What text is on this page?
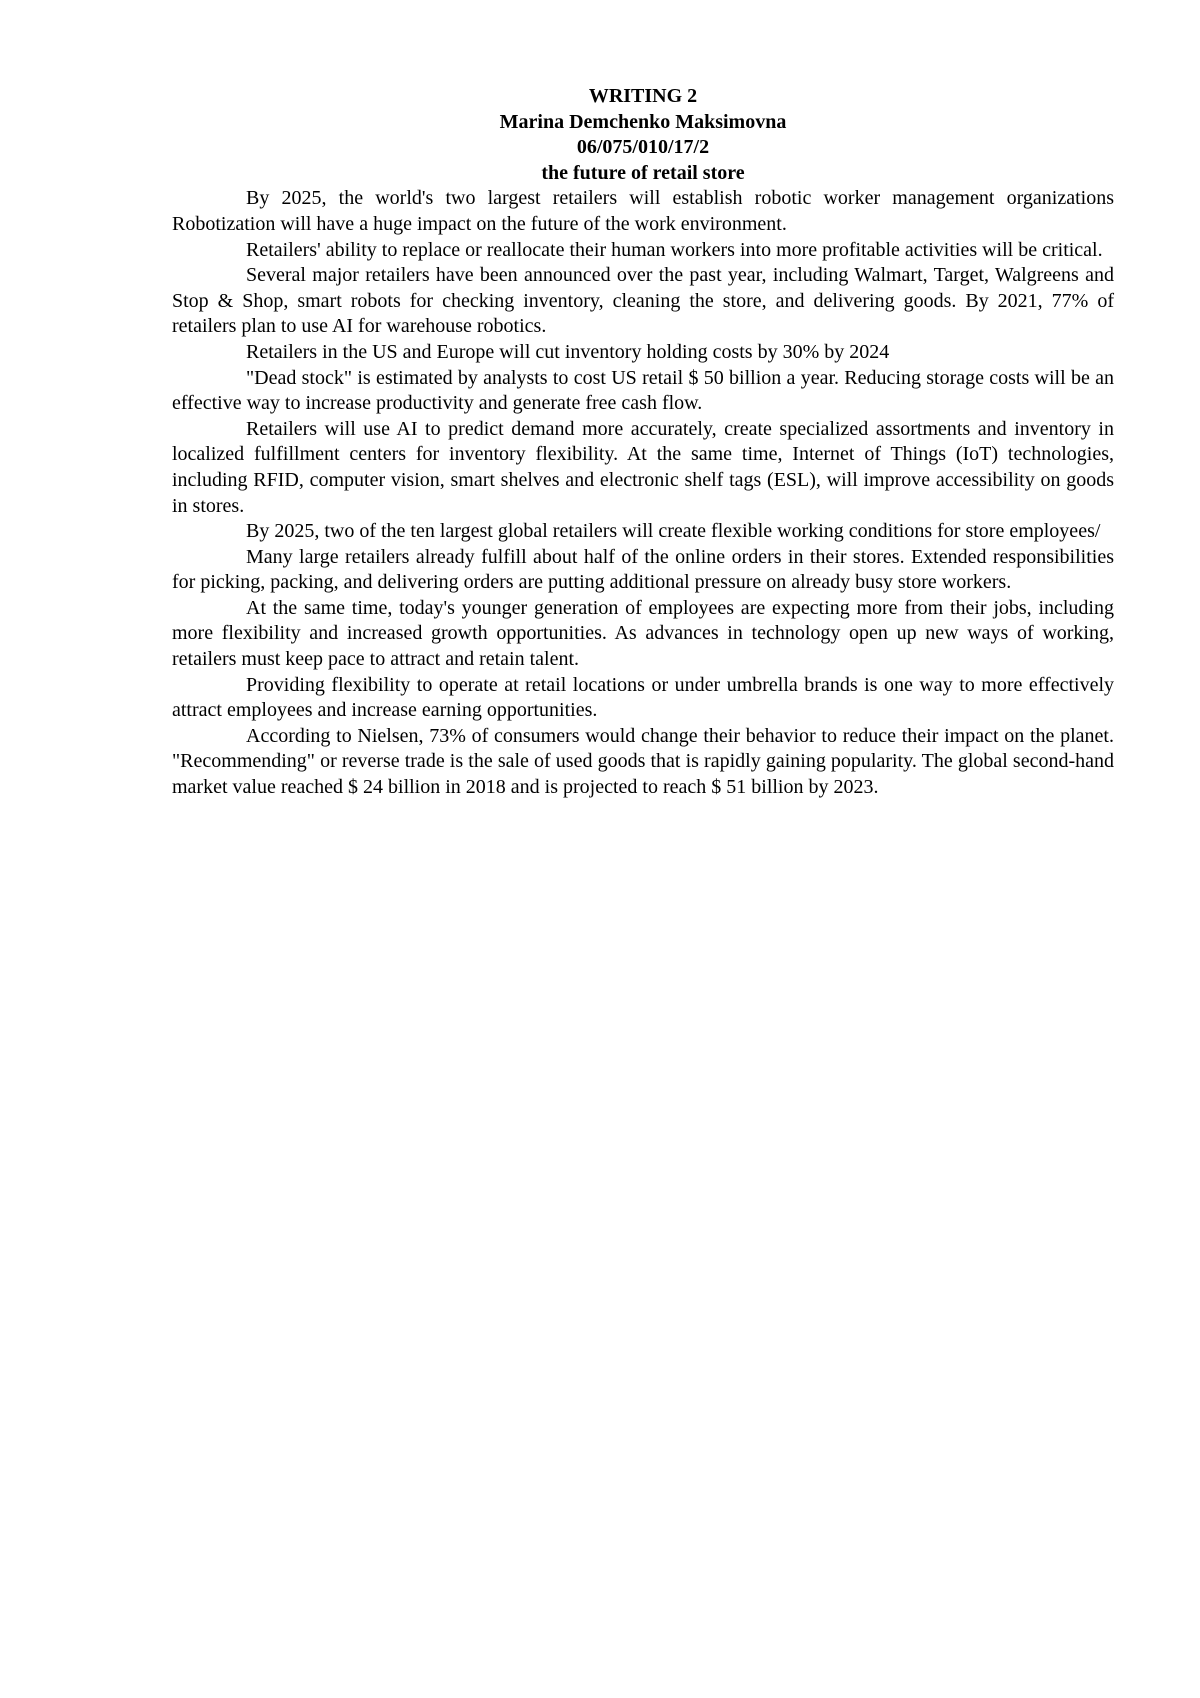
WRITING 2

Marina Demchenko Maksimovna

06/075/010/17/2

the future of retail store

By 2025, the world's two largest retailers will establish robotic worker management organizations Robotization will have a huge impact on the future of the work environment.

Retailers' ability to replace or reallocate their human workers into more profitable activities will be critical.

Several major retailers have been announced over the past year, including Walmart, Target, Walgreens and Stop & Shop, smart robots for checking inventory, cleaning the store, and delivering goods. By 2021, 77% of retailers plan to use AI for warehouse robotics.

Retailers in the US and Europe will cut inventory holding costs by 30% by 2024

"Dead stock" is estimated by analysts to cost US retail $ 50 billion a year. Reducing storage costs will be an effective way to increase productivity and generate free cash flow.

Retailers will use AI to predict demand more accurately, create specialized assortments and inventory in localized fulfillment centers for inventory flexibility. At the same time, Internet of Things (IoT) technologies, including RFID, computer vision, smart shelves and electronic shelf tags (ESL), will improve accessibility on goods in stores.

By 2025, two of the ten largest global retailers will create flexible working conditions for store employees/

Many large retailers already fulfill about half of the online orders in their stores. Extended responsibilities for picking, packing, and delivering orders are putting additional pressure on already busy store workers.

At the same time, today's younger generation of employees are expecting more from their jobs, including more flexibility and increased growth opportunities. As advances in technology open up new ways of working, retailers must keep pace to attract and retain talent.

Providing flexibility to operate at retail locations or under umbrella brands is one way to more effectively attract employees and increase earning opportunities.

According to Nielsen, 73% of consumers would change their behavior to reduce their impact on the planet. "Recommending" or reverse trade is the sale of used goods that is rapidly gaining popularity. The global second-hand market value reached $ 24 billion in 2018 and is projected to reach $ 51 billion by 2023.
